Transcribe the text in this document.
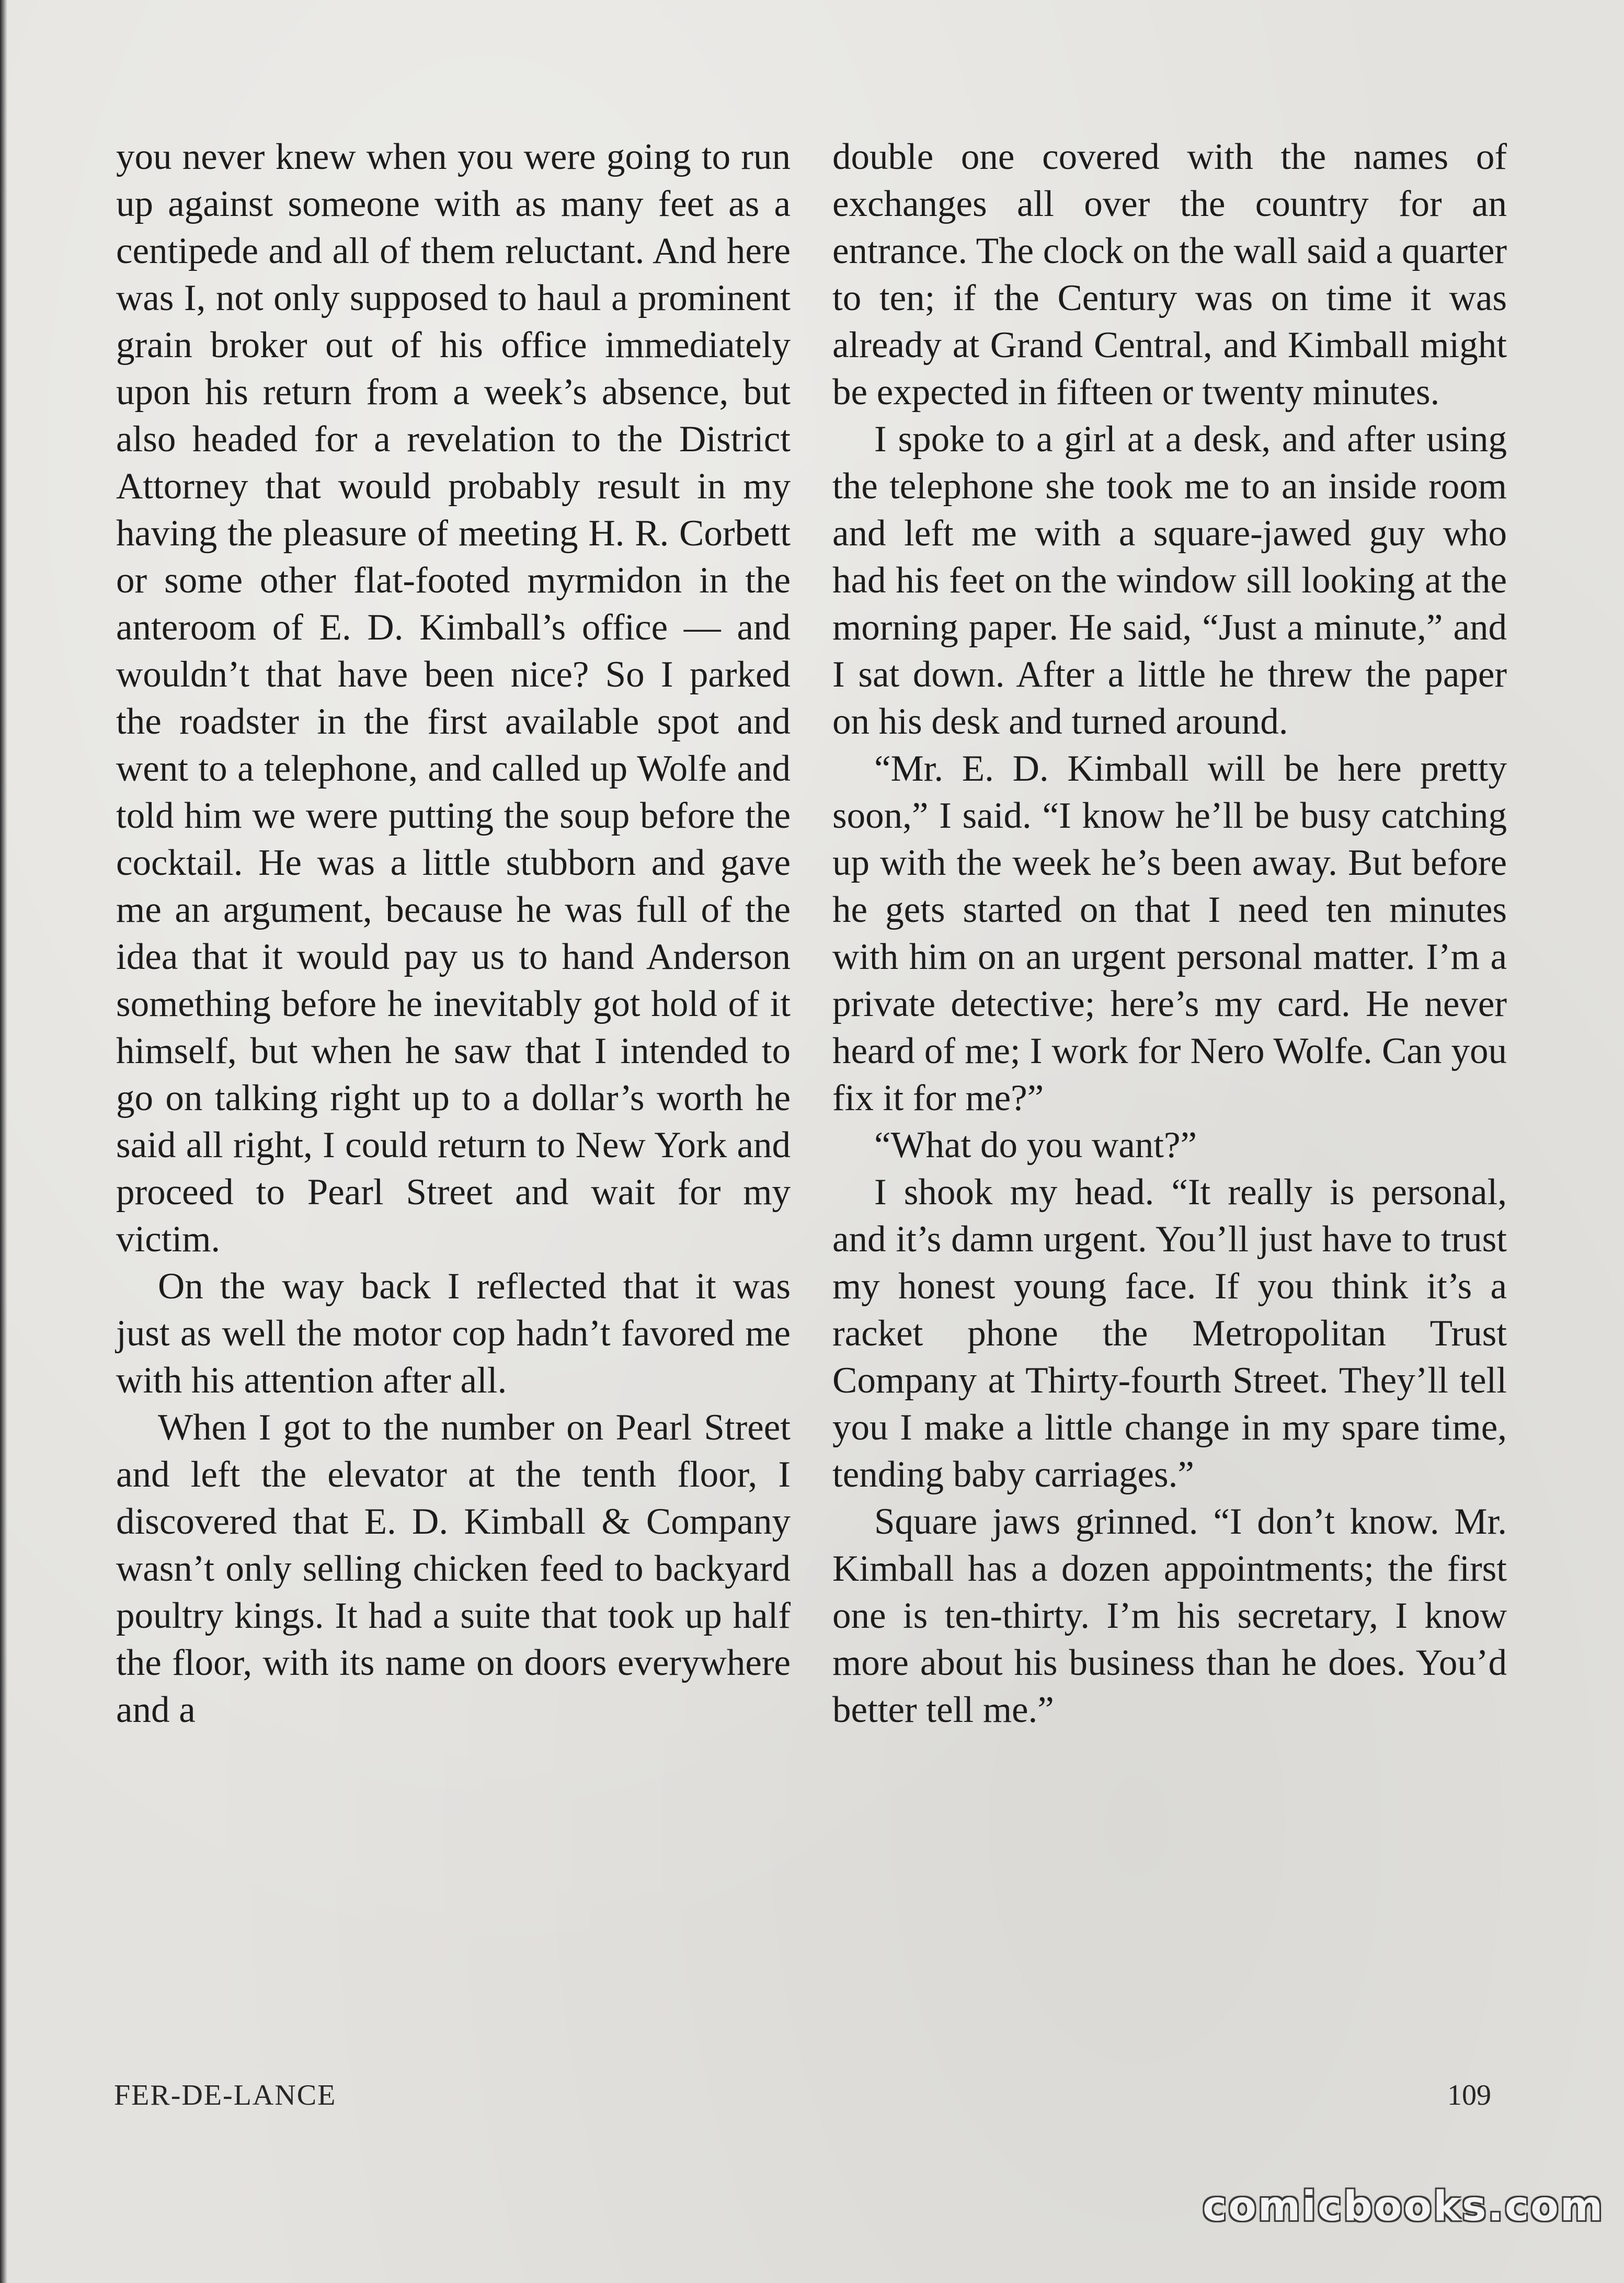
you never knew when you were going to run up against someone with as many feet as a centipede and all of them reluctant. And here was I, not only supposed to haul a prominent grain broker out of his office immediately upon his return from a week’s absence, but also headed for a revelation to the District Attorney that would probably result in my having the pleasure of meeting H. R. Corbett or some other flat-footed myrmidon in the anteroom of E. D. Kimball’s office — and wouldn’t that have been nice? So I parked the roadster in the first available spot and went to a telephone, and called up Wolfe and told him we were putting the soup before the cocktail. He was a little stubborn and gave me an argument, because he was full of the idea that it would pay us to hand Anderson something before he inevitably got hold of it himself, but when he saw that I intended to go on talking right up to a dollar’s worth he said all right, I could return to New York and proceed to Pearl Street and wait for my victim.

On the way back I reflected that it was just as well the motor cop hadn’t favored me with his attention after all.

When I got to the number on Pearl Street and left the elevator at the tenth floor, I discovered that E. D. Kimball & Company wasn’t only selling chicken feed to backyard poultry kings. It had a suite that took up half the floor, with its name on doors everywhere and a

double one covered with the names of exchanges all over the country for an entrance. The clock on the wall said a quarter to ten; if the Century was on time it was already at Grand Central, and Kimball might be expected in fifteen or twenty minutes.

I spoke to a girl at a desk, and after using the telephone she took me to an inside room and left me with a square-jawed guy who had his feet on the window sill looking at the morning paper. He said, “Just a minute,” and I sat down. After a little he threw the paper on his desk and turned around.

“Mr. E. D. Kimball will be here pretty soon,” I said. “I know he’ll be busy catching up with the week he’s been away. But before he gets started on that I need ten minutes with him on an urgent personal matter. I’m a private detective; here’s my card. He never heard of me; I work for Nero Wolfe. Can you fix it for me?”

“What do you want?”

I shook my head. “It really is personal, and it’s damn urgent. You’ll just have to trust my honest young face. If you think it’s a racket phone the Metropolitan Trust Company at Thirty-fourth Street. They’ll tell you I make a little change in my spare time, tending baby carriages.”

Square jaws grinned. “I don’t know. Mr. Kimball has a dozen appointments; the first one is ten-thirty. I’m his secretary, I know more about his business than he does. You’d better tell me.”

FER-DE-LANCE	109
comicbooks.com
